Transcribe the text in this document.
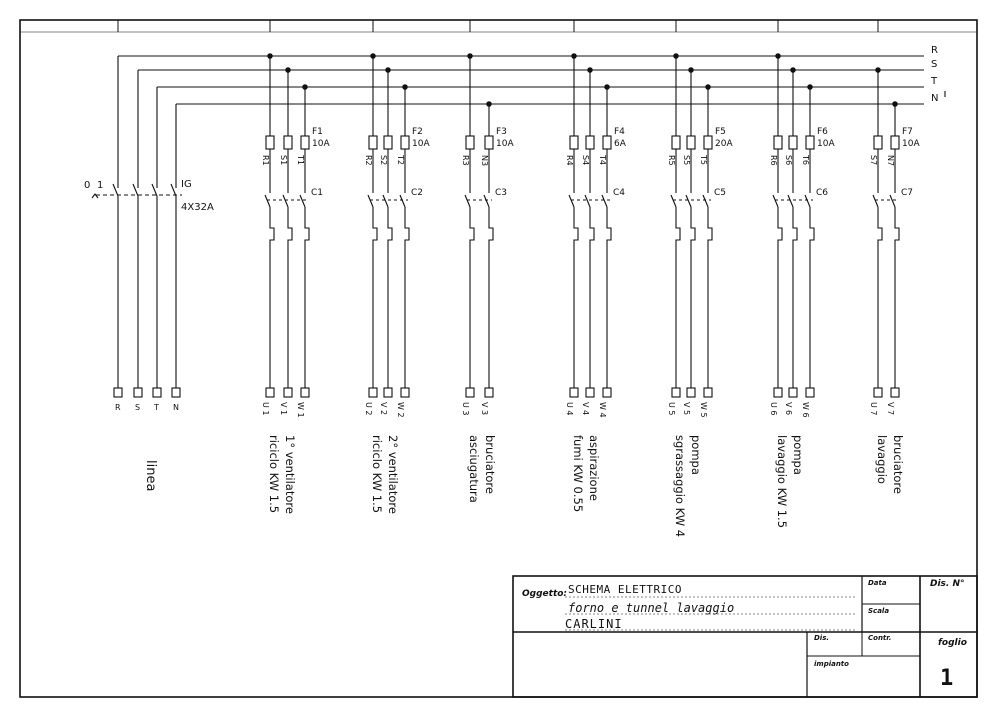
R
S
T
N
R S T N
0 1	IG
4X32A
linea
R1
U 1
S1
V 1
T1
W 1
F1
10A
C1
1° ventilatore
riciclo KW 1.5
R2
U 2
S2
V 2
T2
W 2
F2
10A
C2
2° ventilatore
riciclo KW 1.5
R3
U 3
N3
V 3
F3
10A
C3
bruciatore
asciugatura
R4
U 4
S4
V 4
T4
W 4
F4
6A
C4
aspirazione
fumi KW 0.55
R5
U 5
S5
V 5
T5
W 5
F5
20A
C5
pompa
sgrassaggio KW 4
R6
U 6
S6
V 6
T6
W 6
F6
10A
C6
pompa
lavaggio KW 1.5
S7
U 7
N7
V 7
F7
10A
C7
bruciatore
lavaggio
Oggetto: SCHEMA ELETTRICO
forno e tunnel lavaggio
CARLINI
Data
Scala
Dis.	Contr.
impianto
Dis. N°
foglio
1
